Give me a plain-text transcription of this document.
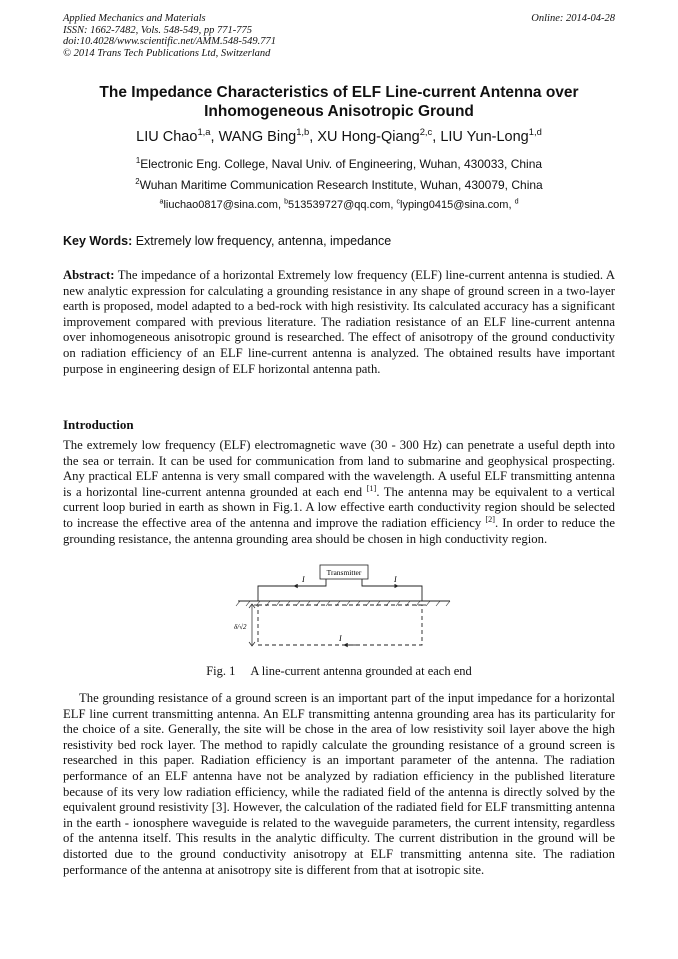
Applied Mechanics and Materials
ISSN: 1662-7482, Vols. 548-549, pp 771-775
doi:10.4028/www.scientific.net/AMM.548-549.771
© 2014 Trans Tech Publications Ltd, Switzerland
Online: 2014-04-28
The Impedance Characteristics of ELF Line-current Antenna over
Inhomogeneous Anisotropic Ground
LIU Chao$^{1,a}$, WANG Bing$^{1,b}$, XU Hong-Qiang$^{2,c}$, LIU Yun-Long$^{1,d}$
$^1$Electronic Eng. College, Naval Univ. of Engineering, Wuhan, 430033, China
$^2$Wuhan Maritime Communication Research Institute, Wuhan, 430079, China
$^a$liuchao0817@sina.com, $^b$513539727@qq.com, $^c$lyping0415@sina.com, $^d$
Key Words: Extremely low frequency, antenna, impedance
Abstract: The impedance of a horizontal Extremely low frequency (ELF) line-current antenna is studied. A new analytic expression for calculating a grounding resistance in any shape of ground screen in a two-layer earth is proposed, model adapted to a bed-rock with high resistivity. Its calculated accuracy has a significant improvement compared with previous literature. The radiation resistance of an ELF line-current antenna over inhomogeneous anisotropic ground is researched. The effect of anisotropy of the ground conductivity on radiation efficiency of an ELF line-current antenna is analyzed. The obtained results have important purpose in engineering design of ELF horizontal antenna path.
Introduction
The extremely low frequency (ELF) electromagnetic wave (30 - 300 Hz) can penetrate a useful depth into the sea or terrain. It can be used for communication from land to submarine and geophysical prospecting. Any practical ELF antenna is very small compared with the wavelength. A useful ELF transmitting antenna is a horizontal line-current antenna grounded at each end [1]. The antenna may be equivalent to a vertical current loop buried in earth as shown in Fig.1. A low effective earth conductivity region should be selected to increase the effective area of the antenna and improve the radiation efficiency [2]. In order to reduce the grounding resistance, the antenna grounding area should be chosen in high conductivity region.
Transmitter
I	I
I
δ/√2
Fig. 1     A line-current antenna grounded at each end
The grounding resistance of a ground screen is an important part of the input impedance for a horizontal ELF line current transmitting antenna. An ELF transmitting antenna grounding area has its particularity for the choice of a site. Generally, the site will be chose in the area of low resistivity soil layer above the high resistivity bed rock layer. The method to rapidly calculate the grounding resistance of a ground screen is researched in this paper. Radiation efficiency is an important parameter of the antenna. The radiation performance of an ELF antenna have not be analyzed by radiation efficiency in the published literature because of its very low radiation efficiency, while the radiated field of the antenna is directly solved by the equivalent ground resistivity [3]. However, the calculation of the radiated field for ELF transmitting antenna in the earth - ionosphere waveguide is related to the waveguide parameters, the current intensity, regardless of the antenna itself. This results in the analytic difficulty. The current distribution in the ground will be distorted due to the ground conductivity anisotropy at ELF transmitting antenna site. The radiation performance of the antenna at anisotropy site is different from that at isotropic site.
